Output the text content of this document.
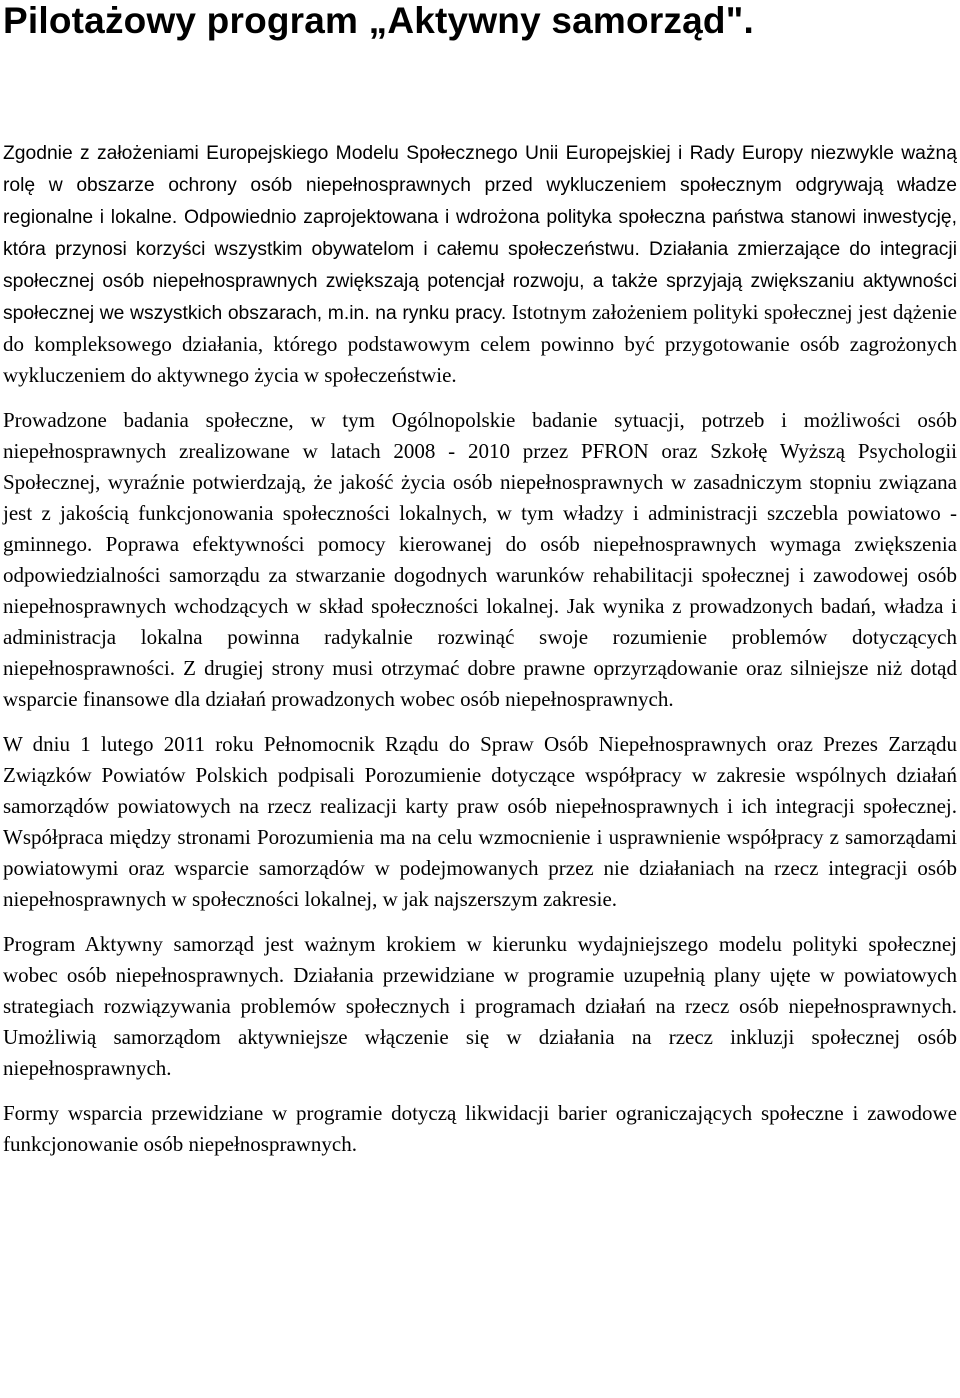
Pilotażowy program „Aktywny samorząd".

Zgodnie z założeniami Europejskiego Modelu Społecznego Unii Europejskiej i Rady Europy niezwykle ważną rolę w obszarze ochrony osób niepełnosprawnych przed wykluczeniem społecznym odgrywają władze regionalne i lokalne. Odpowiednio zaprojektowana i wdrożona polityka społeczna państwa stanowi inwestycję, która przynosi korzyści wszystkim obywatelom i całemu społeczeństwu. Działania zmierzające do integracji społecznej osób niepełnosprawnych zwiększają potencjał rozwoju, a także sprzyjają zwiększaniu aktywności społecznej we wszystkich obszarach, m.in. na rynku pracy. Istotnym założeniem polityki społecznej jest dążenie do kompleksowego działania, którego podstawowym celem powinno być przygotowanie osób zagrożonych wykluczeniem do aktywnego życia w społeczeństwie.

Prowadzone badania społeczne, w tym Ogólnopolskie badanie sytuacji, potrzeb i możliwości osób niepełnosprawnych zrealizowane w latach 2008 - 2010 przez PFRON oraz Szkołę Wyższą Psychologii Społecznej, wyraźnie potwierdzają, że jakość życia osób niepełnosprawnych w zasadniczym stopniu związana jest z jakością funkcjonowania społeczności lokalnych, w tym władzy i administracji szczebla powiatowo - gminnego. Poprawa efektywności pomocy kierowanej do osób niepełnosprawnych wymaga zwiększenia odpowiedzialności samorządu za stwarzanie dogodnych warunków rehabilitacji społecznej i zawodowej osób niepełnosprawnych wchodzących w skład społeczności lokalnej. Jak wynika z prowadzonych badań, władza i administracja lokalna powinna radykalnie rozwinąć swoje rozumienie problemów dotyczących niepełnosprawności. Z drugiej strony musi otrzymać dobre prawne oprzyrządowanie oraz silniejsze niż dotąd wsparcie finansowe dla działań prowadzonych wobec osób niepełnosprawnych.

W dniu 1 lutego 2011 roku Pełnomocnik Rządu do Spraw Osób Niepełnosprawnych oraz Prezes Zarządu Związków Powiatów Polskich podpisali Porozumienie dotyczące współpracy w zakresie wspólnych działań samorządów powiatowych na rzecz realizacji karty praw osób niepełnosprawnych i ich integracji społecznej. Współpraca między stronami Porozumienia ma na celu wzmocnienie i usprawnienie współpracy z samorządami powiatowymi oraz wsparcie samorządów w podejmowanych przez nie działaniach na rzecz integracji osób niepełnosprawnych w społeczności lokalnej, w jak najszerszym zakresie.

Program Aktywny samorząd jest ważnym krokiem w kierunku wydajniejszego modelu polityki społecznej wobec osób niepełnosprawnych. Działania przewidziane w programie uzupełnią plany ujęte w powiatowych strategiach rozwiązywania problemów społecznych i programach działań na rzecz osób niepełnosprawnych. Umożliwią samorządom aktywniejsze włączenie się w działania na rzecz inkluzji społecznej osób niepełnosprawnych.

Formy wsparcia przewidziane w programie dotyczą likwidacji barier ograniczających społeczne i zawodowe funkcjonowanie osób niepełnosprawnych.
